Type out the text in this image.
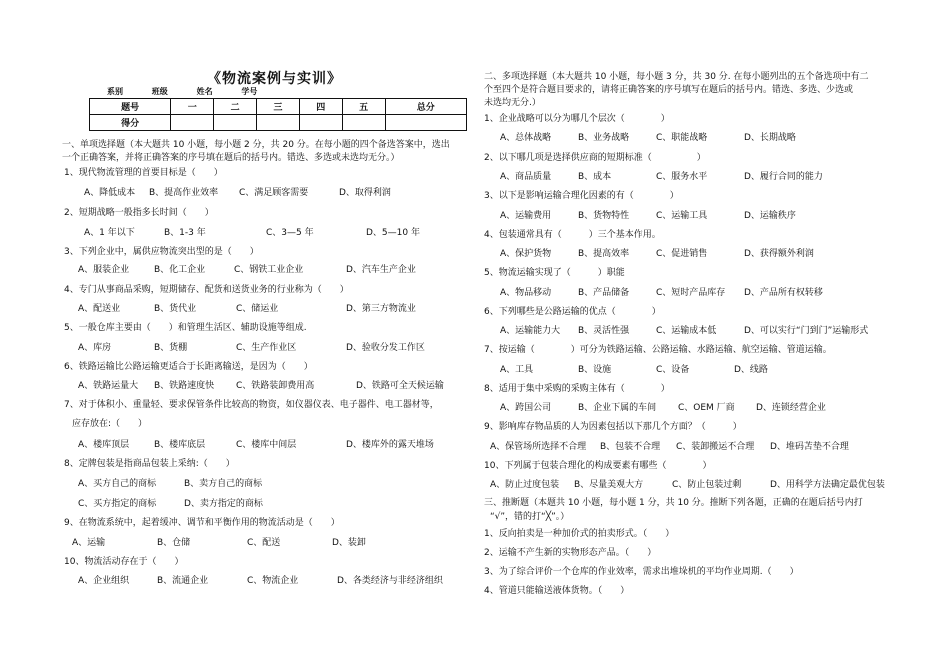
《物流案例与实训》
系别	班级	姓名	学号
题号	一	二	三	四	五	总分
得分						
一、单项选择题（本大题共 10 小题，每小题 2 分，共 20 分。在每小题的四个备选答案中，选出
一个正确答案，并将正确答案的序号填在题后的括号内。错选、多选或未选均无分。）
1、现代物流管理的首要目标是（　　）
A、降低成本 B、提高作业效率 C、满足顾客需要	D、取得利润
2、短期战略一般指多长时间（　　）
A、1 年以下	B、1-3 年	C、3—5 年	D、5—10 年
3、下列企业中，属供应物流突出型的是（　　）
A、服装企业	B、化工企业	C、钢铁工业企业	D、汽车生产企业
4、专门从事商品采购，短期储存、配货和送货业务的行业称为（　　）
A、配送业	B、货代业	C、储运业	D、第三方物流业
5、一般仓库主要由（　　）和管理生活区、辅助设施等组成.
A、库房	B、货棚	C、生产作业区	D、验收分发工作区
6、铁路运输比公路运输更适合于长距离输送，是因为（　　）
A、铁路运量大 B、铁路速度快 C、铁路装卸费用高	D、铁路可全天候运输
7、对于体积小、重量轻、要求保管条件比较高的物资，如仪器仪表、电子器件、电工器材等，
应存放在:（　　）
A、楼库顶层	B、楼库底层	C、楼库中间层	D、楼库外的露天堆场
8、定牌包装是指商品包装上采纳:（　　）
A、买方自己的商标	B、卖方自己的商标
C、买方指定的商标	D、卖方指定的商标
9、在物流系统中，起着缓冲、调节和平衡作用的物流活动是（　　）
A、运输	B、仓储	C、配送	D、装卸
10、物流活动存在于（　　）
A、企业组织	B、流通企业	C、物流企业	D、各类经济与非经济组织
二、多项选择题（本大题共 10 小题，每小题 3 分，共 30 分. 在每小题列出的五个备选项中有二
个至四个是符合题目要求的，请将正确答案的序号填写在题后的括号内。错选、多选、少选或
未选均无分.）
1、企业战略可以分为哪几个层次（　　　　）
A、总体战略	B、业务战略	C、职能战略	D、长期战略
2、以下哪几项是选择供应商的短期标准（　　　　　）
A、商品质量	B、成本	C、服务水平	D、履行合同的能力
3、以下是影响运输合理化因素的有（　　　　）
A、运输费用	B、货物特性	C、运输工具	D、运输秩序
4、包装通常具有（　　　）三个基本作用。
A、保护货物	B、提高效率	C、促进销售	D、获得额外利润
5、物流运输实现了（　　　）职能
A、物品移动	B、产品储备	C、短时产品库存 D、产品所有权转移
6、下列哪些是公路运输的优点（　　　　）
A、运输能力大 B、灵活性强	C、运输成本低	D、可以实行“门到门”运输形式
7、按运输（　　　　）可分为铁路运输、公路运输、水路运输、航空运输、管道运输。
A、工具	B、设施	C、设备	D、线路
8、适用于集中采购的采购主体有（　　　　）
A、跨国公司	B、企业下属的车间 C、OEM 厂商 D、连锁经营企业
9、影响库存物品质的人为因素包括以下那几个方面？（　　　）
A、保管场所选择不合理 B、包装不合理 C、装卸搬运不合理 D、堆码苫垫不合理
10、下列属于包装合理化的构成要素有哪些（　　　　）
A、防止过度包装 B、尽量美观大方	C、防止包装过剩	D、用科学方法确定最优包装
三、推断题（本题共 10 小题，每小题 1 分，共 10 分。推断下列各题，正确的在题后括号内打
“√”，错的打“╳”。）
1、反向拍卖是一种加价式的拍卖形式。（　　）
2、运输不产生新的实物形态产品。（　　）
3、为了综合评价一个仓库的作业效率，需求出堆垛机的平均作业周期.（　　）
4、管道只能输送液体货物。（　　）
